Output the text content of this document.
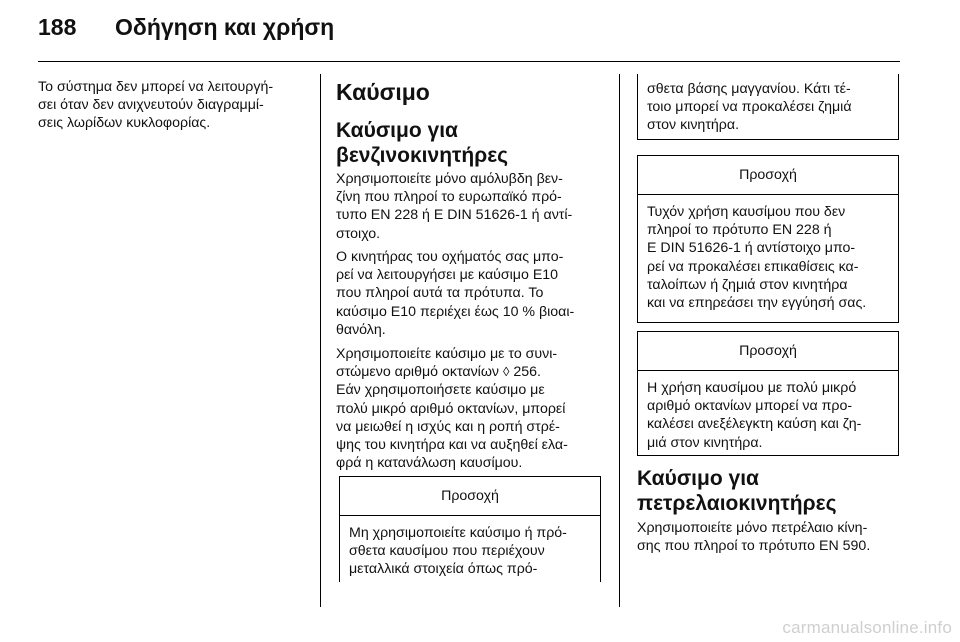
188 Οδήγηση και χρήση
Το σύστημα δεν μπορεί να λειτουργή-
σει όταν δεν ανιχνευτούν διαγραμμί-
σεις λωρίδων κυκλοφορίας.
Καύσιμο
Καύσιμο για
βενζινοκινητήρες
Χρησιμοποιείτε μόνο αμόλυβδη βεν-
ζίνη που πληροί το ευρωπαϊκό πρό-
τυπο EN 228 ή E DIN 51626-1 ή αντί-
στοιχο.
Ο κινητήρας του οχήματός σας μπο-
ρεί να λειτουργήσει με καύσιμο E10
που πληροί αυτά τα πρότυπα. Το
καύσιμο E10 περιέχει έως 10 % βιοαι-
θανόλη.
Χρησιμοποιείτε καύσιμο με το συνι-
στώμενο αριθμό οκτανίων ◊ 256.
Εάν χρησιμοποιήσετε καύσιμο με
πολύ μικρό αριθμό οκτανίων, μπορεί
να μειωθεί η ισχύς και η ροπή στρέ-
ψης του κινητήρα και να αυξηθεί ελα-
φρά η κατανάλωση καυσίμου.
Προσοχή
Μη χρησιμοποιείτε καύσιμο ή πρό-
σθετα καυσίμου που περιέχουν
μεταλλικά στοιχεία όπως πρό-
σθετα βάσης μαγγανίου. Κάτι τέ-
τοιο μπορεί να προκαλέσει ζημιά
στον κινητήρα.
Προσοχή
Τυχόν χρήση καυσίμου που δεν
πληροί το πρότυπο EN 228 ή
E DIN 51626-1 ή αντίστοιχο μπο-
ρεί να προκαλέσει επικαθίσεις κα-
ταλοίπων ή ζημιά στον κινητήρα
και να επηρεάσει την εγγύησή σας.
Προσοχή
Η χρήση καυσίμου με πολύ μικρό
αριθμό οκτανίων μπορεί να προ-
καλέσει ανεξέλεγκτη καύση και ζη-
μιά στον κινητήρα.
Καύσιμο για
πετρελαιοκινητήρες
Χρησιμοποιείτε μόνο πετρέλαιο κίνη-
σης που πληροί το πρότυπο EN 590.
carmanualsonline.info
